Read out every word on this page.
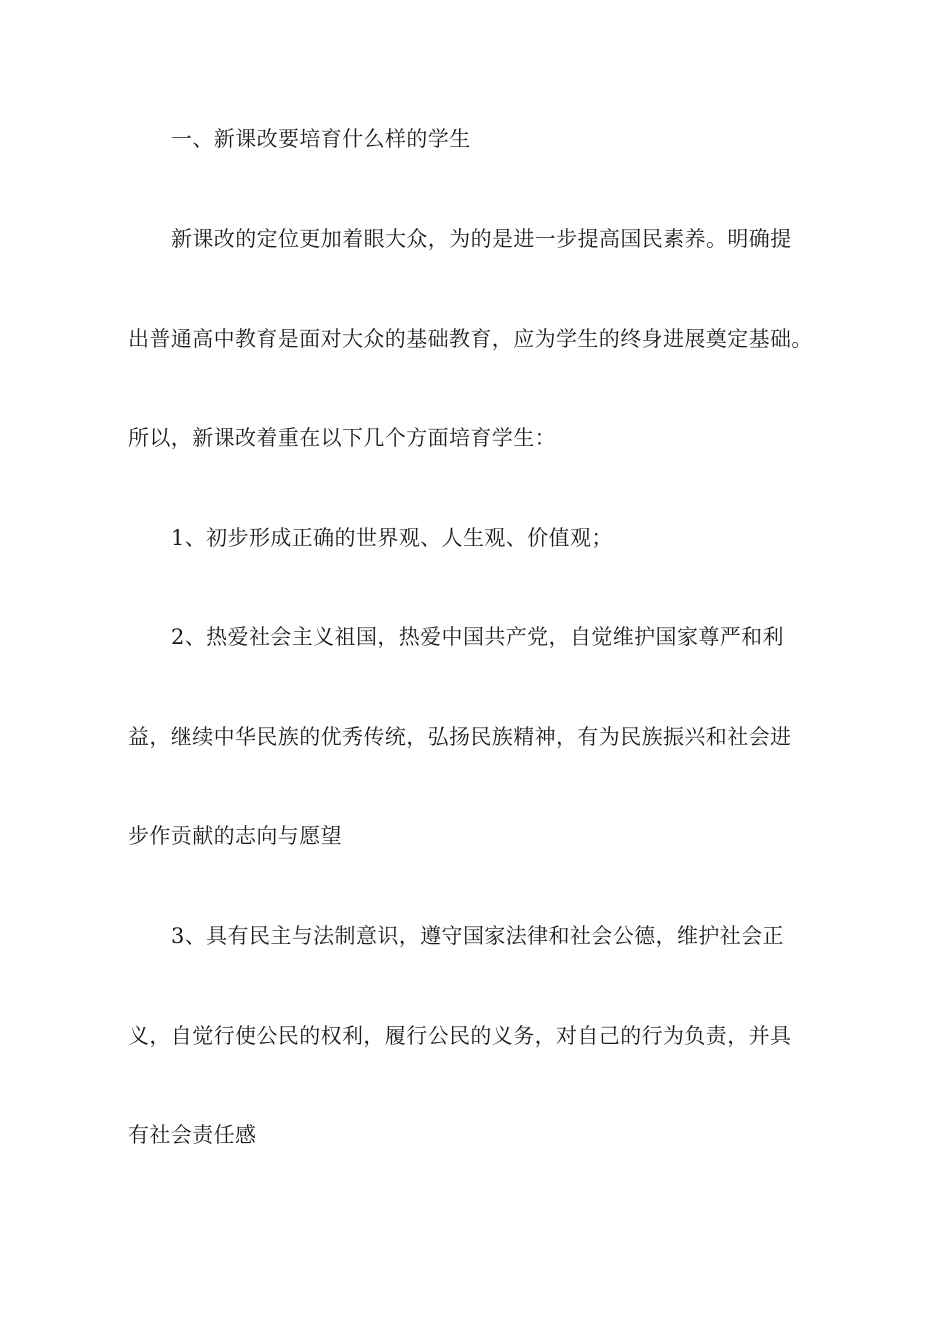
一、新课改要培育什么样的学生

新课改的定位更加着眼大众，为的是进一步提高国民素养。明确提

出普通高中教育是面对大众的基础教育，应为学生的终身进展奠定基础。

所以，新课改着重在以下几个方面培育学生：

1、初步形成正确的世界观、人生观、价值观；

2、热爱社会主义祖国，热爱中国共产党，自觉维护国家尊严和利

益，继续中华民族的优秀传统，弘扬民族精神，有为民族振兴和社会进

步作贡献的志向与愿望

3、具有民主与法制意识，遵守国家法律和社会公德，维护社会正

义，自觉行使公民的权利，履行公民的义务，对自己的行为负责，并具

有社会责任感
